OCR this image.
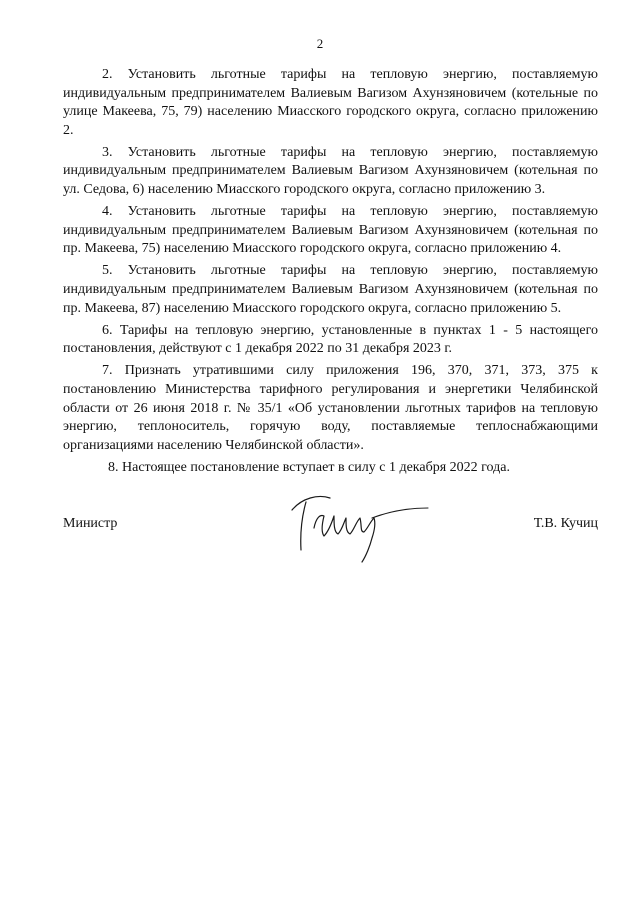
2

2. Установить льготные тарифы на тепловую энергию, поставляемую индивидуальным предпринимателем Валиевым Вагизом Ахунзяновичем (котельные по улице Макеева, 75, 79) населению Миасского городского округа, согласно приложению 2.

3. Установить льготные тарифы на тепловую энергию, поставляемую индивидуальным предпринимателем Валиевым Вагизом Ахунзяновичем (котельная по ул. Седова, 6) населению Миасского городского округа, согласно приложению 3.

4. Установить льготные тарифы на тепловую энергию, поставляемую индивидуальным предпринимателем Валиевым Вагизом Ахунзяновичем (котельная по пр. Макеева, 75) населению Миасского городского округа, согласно приложению 4.

5. Установить льготные тарифы на тепловую энергию, поставляемую индивидуальным предпринимателем Валиевым Вагизом Ахунзяновичем (котельная по пр. Макеева, 87) населению Миасского городского округа, согласно приложению 5.

6. Тарифы на тепловую энергию, установленные в пунктах 1 - 5 настоящего постановления, действуют с 1 декабря 2022 по 31 декабря 2023 г.

7. Признать утратившими силу приложения 196, 370, 371, 373, 375 к постановлению Министерства тарифного регулирования и энергетики Челябинской области от 26 июня 2018 г. № 35/1 «Об установлении льготных тарифов на тепловую энергию, теплоноситель, горячую воду, поставляемые теплоснабжающими организациями населению Челябинской области».

8. Настоящее постановление вступает в силу с 1 декабря 2022 года.

Министр	Т.В. Кучиц
